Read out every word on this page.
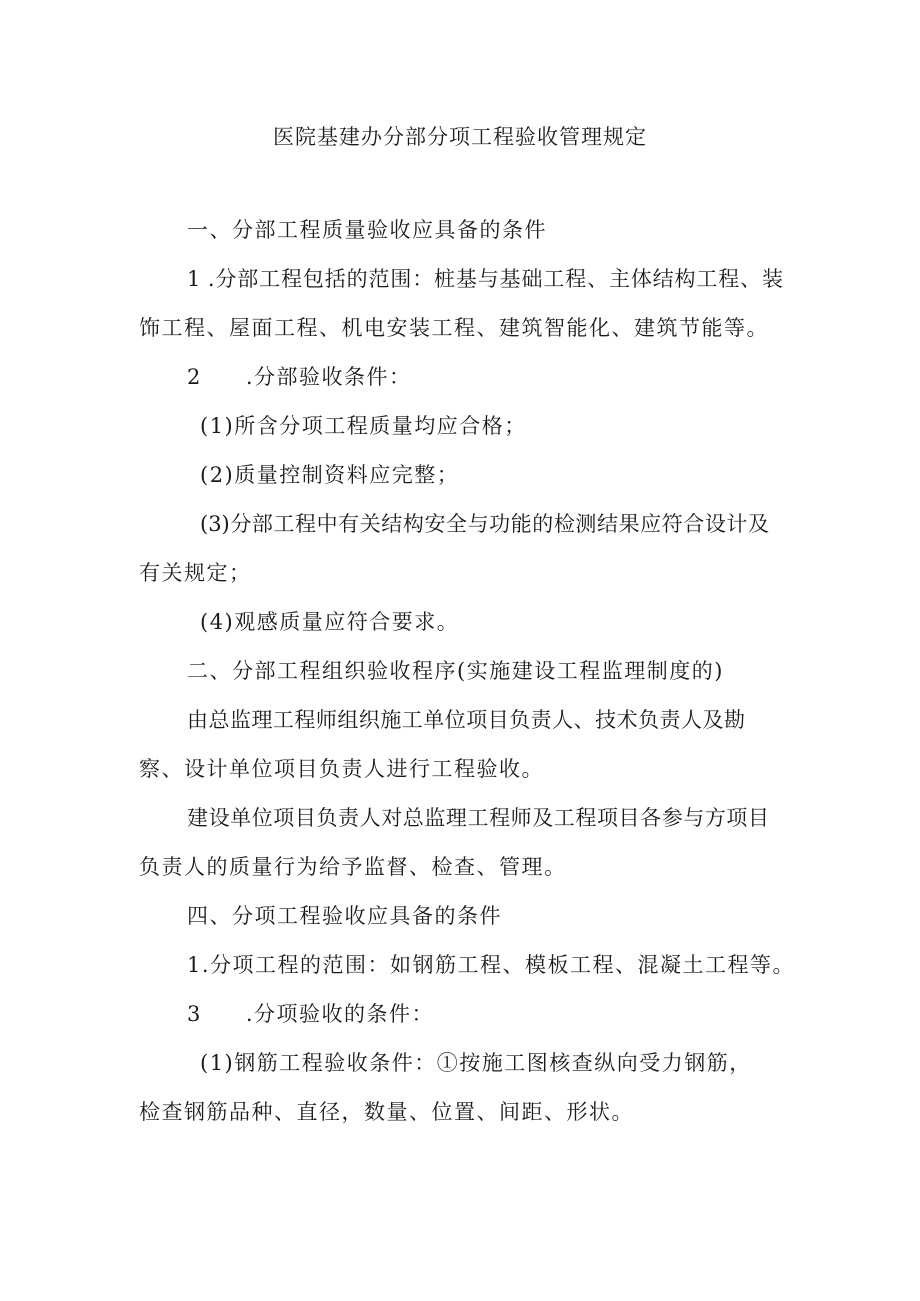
医院基建办分部分项工程验收管理规定
一、分部工程质量验收应具备的条件
1 .分部工程包括的范围：桩基与基础工程、主体结构工程、装
饰工程、屋面工程、机电安装工程、建筑智能化、建筑节能等。
2 .分部验收条件：
(1)所含分项工程质量均应合格；
(2)质量控制资料应完整；
(3)分部工程中有关结构安全与功能的检测结果应符合设计及
有关规定；
(4)观感质量应符合要求。
二、分部工程组织验收程序(实施建设工程监理制度的)
由总监理工程师组织施工单位项目负责人、技术负责人及勘
察、设计单位项目负责人进行工程验收。
建设单位项目负责人对总监理工程师及工程项目各参与方项目
负责人的质量行为给予监督、检查、管理。
四、分项工程验收应具备的条件
1.分项工程的范围：如钢筋工程、模板工程、混凝土工程等。
3 .分项验收的条件：
(1)钢筋工程验收条件：①按施工图核查纵向受力钢筋，
检查钢筋品种、直径，数量、位置、间距、形状。
